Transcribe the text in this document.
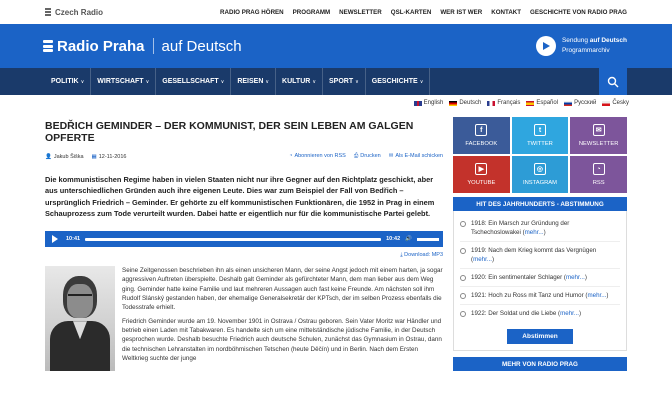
Czech Radio	RADIO PRAG HÖREN PROGRAMM NEWSLETTER QSL-KARTEN WER IST WER KONTAKT GESCHICHTE VON RADIO PRAG
Radio Praha auf Deutsch	Sendung auf Deutsch
Programmarchiv
POLITIK ∨ WIRTSCHAFT ∨ GESELLSCHAFT ∨ REISEN ∨ KULTUR ∨ SPORT ∨ GESCHICHTE ∨
English	Deutsch	Français	Español	Русский	Česky
BEDŘICH GEMINDER – DER KOMMUNIST, DER SEIN LEBEN AM GALGEN OPFERTE
👤 Jakub Šiška ▦ 12-11-2016	◔ Abonnieren von RSS ⎙ Drucken ✉ Als E-Mail schicken

Die kommunistischen Regime haben in vielen Staaten nicht nur ihre Gegner auf den Richtplatz geschickt, aber aus unterschiedlichen Gründen auch ihre eigenen Leute. Dies war zum Beispiel der Fall von Bedřich – ursprünglich Friedrich – Geminder. Er gehörte zu elf kommunistischen Funktionären, die 1952 in Prag in einem Schauprozess zum Tode verurteilt wurden. Dabei hatte er eigentlich nur für die kommunistische Partei gelebt.

10:41	10:42 🔊
⤓ Download: MP3

Seine Zeitgenossen beschrieben ihn als einen unsicheren Mann, der seine Angst jedoch mit einem harten, ja sogar aggressiven Auftreten überspielte. Deshalb galt Geminder als gefürchteter Mann, dem man lieber aus dem Weg ging. Geminder hatte keine Familie und laut mehreren Aussagen auch fast keine Freunde. Am nächsten soll ihm Rudolf Slánský gestanden haben, der ehemalige Generalsekretär der KPTsch, der im selben Prozess ebenfalls die Todesstrafe erhielt.

Friedrich Geminder wurde am 19. November 1901 in Ostrava / Ostrau geboren. Sein Vater Moritz war Händler und betrieb einen Laden mit Tabakwaren. Es handelte sich um eine mittelständische jüdische Familie, in der Deutsch gesprochen wurde. Deshalb besuchte Friedrich auch deutsche Schulen, zunächst das Gymnasium in Ostrau, dann die technischen Lehranstalten im nordböhmischen Tetschen (heute Děčín) und in Berlin. Nach dem Ersten Weltkrieg suchte der junge

f
FACEBOOK
t
TWITTER
✉
NEWSLETTER
▶
YOUTUBE
◎
INSTAGRAM
◔
RSS
HIT DES JAHRHUNDERTS - ABSTIMMUNG
1918: Ein Marsch zur Gründung der Tschechoslowakei (mehr...)
1919: Nach dem Krieg kommt das Vergnügen (mehr...)
1920: Ein sentimentaler Schlager (mehr...)
1921: Hoch zu Ross mit Tanz und Humor (mehr...)
1922: Der Soldat und die Liebe (mehr...)
Abstimmen
MEHR VON RADIO PRAG
